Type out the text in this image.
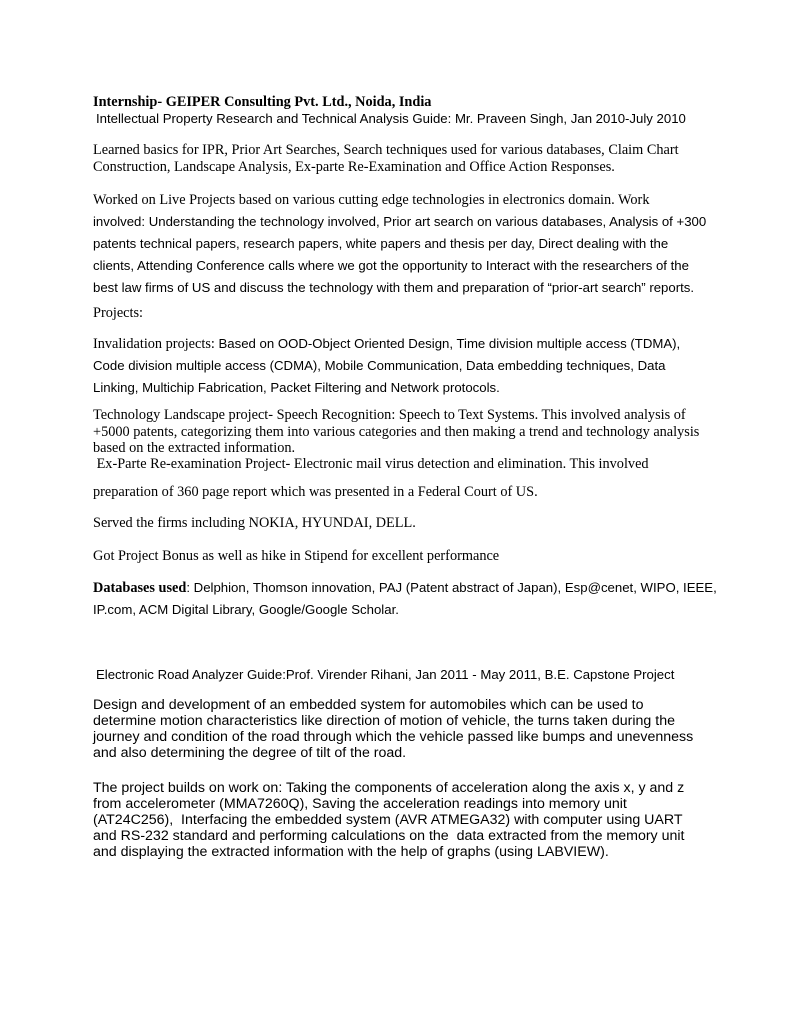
Internship- GEIPER Consulting Pvt. Ltd., Noida, India
Intellectual Property Research and Technical Analysis Guide: Mr. Praveen Singh, Jan 2010-July 2010
Learned basics for IPR, Prior Art Searches, Search techniques used for various databases, Claim Chart
Construction, Landscape Analysis, Ex-parte Re-Examination and Office Action Responses.
Worked on Live Projects based on various cutting edge technologies in electronics domain. Work
involved: Understanding the technology involved, Prior art search on various databases, Analysis of +300
patents technical papers, research papers, white papers and thesis per day, Direct dealing with the
clients, Attending Conference calls where we got the opportunity to Interact with the researchers of the
best law firms of US and discuss the technology with them and preparation of “prior-art search” reports.
Projects:
Invalidation projects: Based on OOD-Object Oriented Design, Time division multiple access (TDMA),
Code division multiple access (CDMA), Mobile Communication, Data embedding techniques, Data
Linking, Multichip Fabrication, Packet Filtering and Network protocols.
Technology Landscape project- Speech Recognition: Speech to Text Systems. This involved analysis of
+5000 patents, categorizing them into various categories and then making a trend and technology analysis
based on the extracted information.
Ex-Parte Re-examination Project- Electronic mail virus detection and elimination. This involved
preparation of 360 page report which was presented in a Federal Court of US.
Served the firms including NOKIA, HYUNDAI, DELL.
Got Project Bonus as well as hike in Stipend for excellent performance
Databases used: Delphion, Thomson innovation, PAJ (Patent abstract of Japan), Esp@cenet, WIPO, IEEE,
IP.com, ACM Digital Library, Google/Google Scholar.
Electronic Road Analyzer Guide:Prof. Virender Rihani, Jan 2011 - May 2011, B.E. Capstone Project
Design and development of an embedded system for automobiles which can be used to
determine motion characteristics like direction of motion of vehicle, the turns taken during the
journey and condition of the road through which the vehicle passed like bumps and unevenness
and also determining the degree of tilt of the road.
The project builds on work on: Taking the components of acceleration along the axis x, y and z
from accelerometer (MMA7260Q), Saving the acceleration readings into memory unit
(AT24C256),  Interfacing the embedded system (AVR ATMEGA32) with computer using UART
and RS-232 standard and performing calculations on the  data extracted from the memory unit
and displaying the extracted information with the help of graphs (using LABVIEW).
